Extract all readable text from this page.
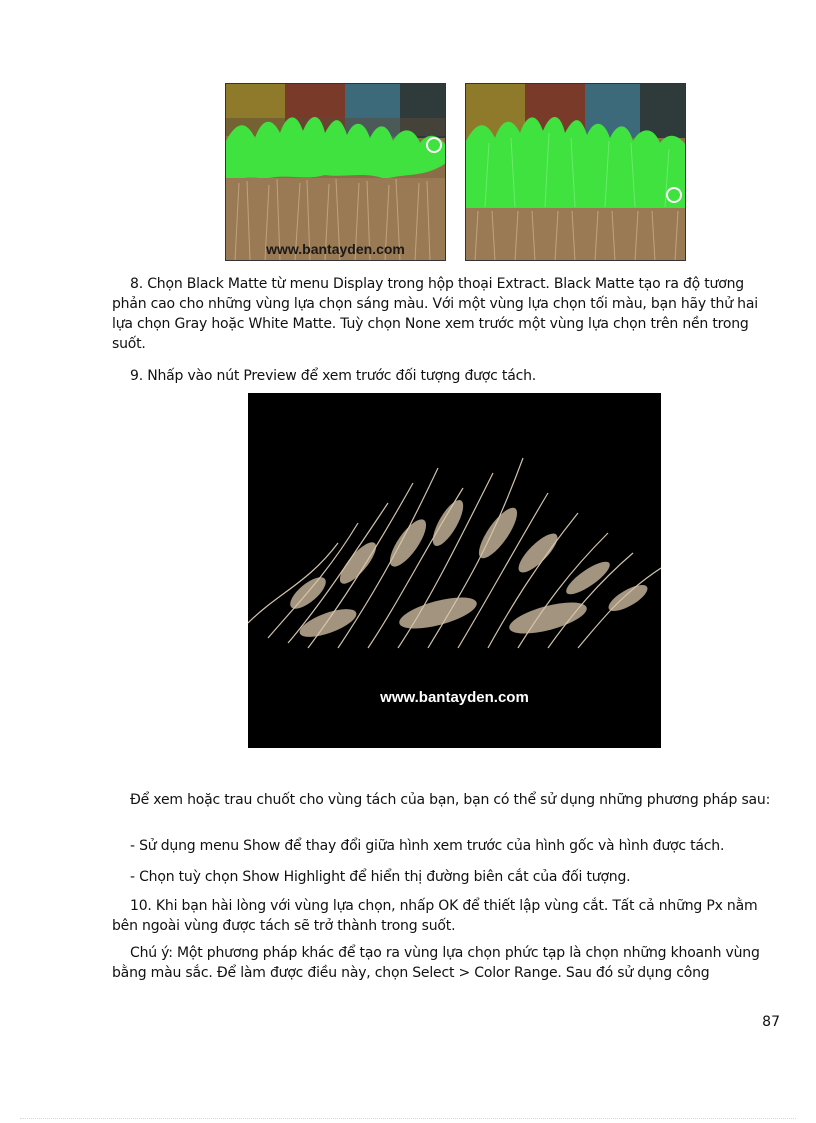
www.bantayden.com

8. Chọn Black Matte từ menu Display trong hộp thoại Extract. Black Matte tạo ra độ tương phản cao cho những vùng lựa chọn sáng màu. Với một vùng lựa chọn tối màu, bạn hãy thử hai lựa chọn Gray hoặc White Matte. Tuỳ chọn None xem trước một vùng lựa chọn trên nền trong suốt.

9. Nhấp vào nút Preview để xem trước đối tượng được tách.

www.bantayden.com

Để xem hoặc trau chuốt cho vùng tách của bạn, bạn có thể sử dụng những phương pháp sau:

- Sử dụng menu Show để thay đổi giữa hình xem trước của hình gốc và hình được tách.

- Chọn tuỳ chọn Show Highlight để hiển thị đường biên cắt của đối tượng.

10. Khi bạn hài lòng với vùng lựa chọn, nhấp OK để thiết lập vùng cắt. Tất cả những Px nằm bên ngoài vùng được tách sẽ trở thành trong suốt.

Chú ý: Một phương pháp khác để tạo ra vùng lựa chọn phức tạp là chọn những khoanh vùng bằng màu sắc. Để làm được điều này, chọn Select > Color Range. Sau đó sử dụng công

87
